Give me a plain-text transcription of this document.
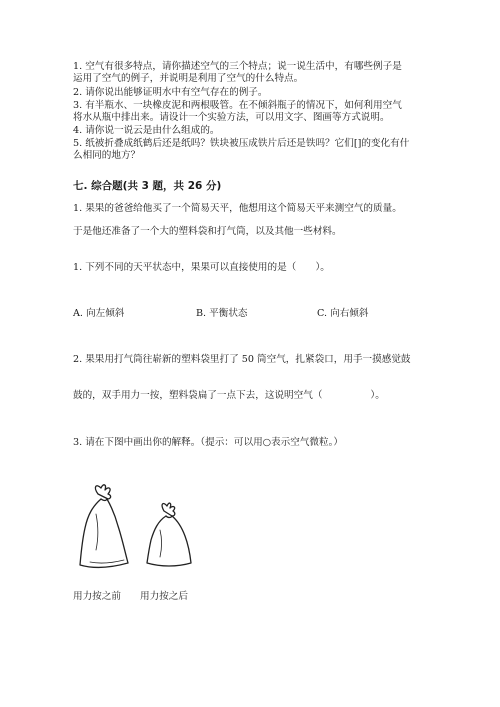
1. 空气有很多特点，请你描述空气的三个特点；说一说生活中，有哪些例子是
运用了空气的例子，并说明是利用了空气的什么特点。
2. 请你说出能够证明水中有空气存在的例子。
3. 有半瓶水、一块橡皮泥和两根吸管。在不倾斜瓶子的情况下，如何利用空气
将水从瓶中排出来。请设计一个实验方法，可以用文字、图画等方式说明。
4. 请你说一说云是由什么组成的。
5. 纸被折叠成纸鹤后还是纸吗？铁块被压成铁片后还是铁吗？它们[]的变化有什
么相同的地方？
七. 综合题(共 3 题，共 26 分)
1. 果果的爸爸给他买了一个简易天平，他想用这个简易天平来测空气的质量。
于是他还准备了一个大的塑料袋和打气筒，以及其他一些材料。
1. 下列不同的天平状态中，果果可以直接使用的是（　　）。
A. 向左倾斜	B. 平衡状态	C. 向右倾斜
2. 果果用打气筒往崭新的塑料袋里打了 50 筒空气，扎紧袋口，用手一摸感觉鼓
鼓的，双手用力一按，塑料袋扁了一点下去，这说明空气（　　　　　）。
3. 请在下图中画出你的解释。（提示：可以用○表示空气微粒。）
用力按之前 用力按之后
